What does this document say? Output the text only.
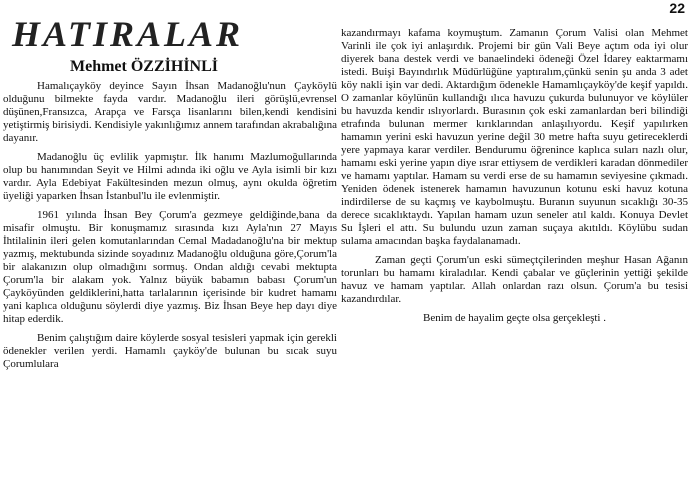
22
HATIRALAR
Mehmet ÖZZİHİNLİ

Hamalıçayköy deyince Sayın İhsan Madanoğlu'nun Çayköylü olduğunu bilmekte fayda vardır. Madanoğlu ileri görüşlü,evrensel düşünen,Fransızca, Arapça ve Farsça lisanlarını bilen,kendi kendisini yetiştirmiş birisiydi. Kendisiyle yakınlığımız annem tarafından akrabalığına dayanır.

Madanoğlu üç evlilik yapmıştır. İlk hanımı Mazlumoğullarında olup bu hanımından Seyit ve Hilmi adında iki oğlu ve Ayla isimli bir kızı vardır. Ayla Edebiyat Fakültesinden mezun olmuş, aynı okulda öğretim üyeliği yaparken İhsan İstanbul'lu ile evlenmiştir.

1961 yılında İhsan Bey Çorum'a gezmeye geldiğinde,bana da misafir olmuştu. Bir konuşmamız sırasında kızı Ayla'nın 27 Mayıs İhtilalinin ileri gelen komutanlarından Cemal Madadanoğlu'na bir mektup yazmış, mektubunda sizinde soyadınız Madanoğlu olduğuna göre,Çorum'la bir alakanızın olup olmadığını sormuş. Ondan aldığı cevabi mektupta Çorum'la bir alakam yok. Yalnız büyük babamın babası Çorum'un Çayköyünden geldiklerini,hatta tarlalarının içerisinde bir kudret hamamı yani kaplıca olduğunu söylerdi diye yazmış. Biz İhsan Beye hep dayı diye hitap ederdik.

Benim çalıştığım daire köylerde sosyal tesisleri yapmak için gerekli ödenekler verilen yerdi. Hamamlı çayköy'de bulunan bu sıcak suyu Çorumlulara

kazandırmayı kafama koymuştum. Zamanın Çorum Valisi olan Mehmet Varinli ile çok iyi anlaşırdık. Projemi bir gün Vali Beye açtım oda iyi olur diyerek bana destek verdi ve banaelindeki ödeneği Özel İdarey eaktarmamı istedi. Buişi Bayındırlık Müdürlüğüne yaptıralım,çünkü senin şu anda 3 adet köy nakli işin var dedi. Aktardığım ödenekle Hamamlıçayköy'de keşif yapıldı. O zamanlar köylünün kullandığı ılıca havuzu çukurda bulunuyor ve köylüler bu havuzda kendir ıslıyorlardı. Burasının çok eski zamanlardan beri bilindiği etrafında bulunan mermer kırıklarından anlaşılıyordu. Keşif yapılırken hamamın yerini eski havuzun yerine değil 30 metre hafta suyu getireceklerdi yere yapmaya karar verdiler. Bendurumu öğrenince kaplıca suları nazlı olur, hamamı eski yerine yapın diye ısrar ettiysem de verdikleri karadan dönmediler ve hamamı yaptılar. Hamam su verdi erse de su hamamın seviyesine çıkmadı. Yeniden ödenek istenerek hamamın havuzunun kotunu eski havuz kotuna indirdilerse de su kaçmış ve kaybolmuştu. Buranın suyunun sıcaklığı 30-35 derece sıcaklıktaydı. Yapılan hamam uzun seneler atıl kaldı. Konuya Devlet Su İşleri el attı. Su bulundu uzun zaman suçaya akıtıldı. Köylübu sudan sulama amacından başka faydalanamadı.

Zaman geçti Çorum'un eski sümeçtçilerinden meşhur Hasan Ağanın torunları bu hamamı kiraladılar. Kendi çabalar ve güçlerinin yettiği şekilde havuz ve hamam yaptılar. Allah onlardan razı olsun. Çorum'a bu tesisi kazandırdılar.

Benim de hayalim geçte olsa gerçekleşti .
